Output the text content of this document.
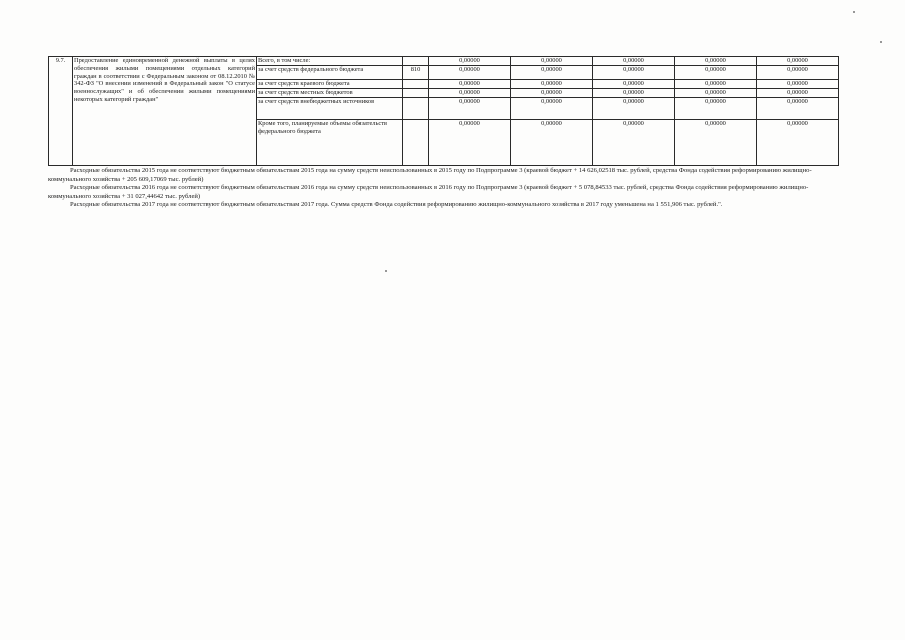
9.7.	Предоставление единовременной денежной выплаты в целях обеспечения жилыми помещениями отдельных категорий граждан в соответствии с Федеральным законом от 08.12.2010 № 342-ФЗ "О внесении изменений в Федеральный закон "О статусе военнослужащих" и об обеспечении жилыми помещениями некоторых категорий граждан"	Всего, в том числе:		0,00000	0,00000	0,00000	0,00000	0,00000
		за счет средств федерального бюджета	810	0,00000	0,00000	0,00000	0,00000	0,00000
		за счет средств краевого бюджета		0,00000	0,00000	0,00000	0,00000	0,00000
		за счет средств местных бюджетов		0,00000	0,00000	0,00000	0,00000	0,00000
		за счет средств внебюджетных источников		0,00000	0,00000	0,00000	0,00000	0,00000
		Кроме того, планируемые объемы обязательств федерального бюджета		0,00000	0,00000	0,00000	0,00000	0,00000

Расходные обязательства 2015 года не соответствуют бюджетным обязательствам 2015 года на сумму средств неиспользованных в 2015 году по Подпрограмме 3 (краевой бюджет + 14 626,02518 тыс. рублей, средства Фонда содействия реформированию жилищно-коммунального хозяйства + 205 609,17069 тыс. рублей)

Расходные обязательства 2016 года не соответствуют бюджетным обязательствам 2016 года на сумму средств неиспользованных в 2016 году по Подпрограмме 3 (краевой бюджет + 5 078,84533 тыс. рублей, средства Фонда содействия реформированию жилищно-коммунального хозяйства + 31 027,44642 тыс. рублей)

Расходные обязательства 2017 года не соответствуют бюджетным обязательствам 2017 года. Сумма средств Фонда содействия реформированию жилищно-коммунального хозяйства в 2017 году уменьшена на 1 551,906 тыс. рублей.".
